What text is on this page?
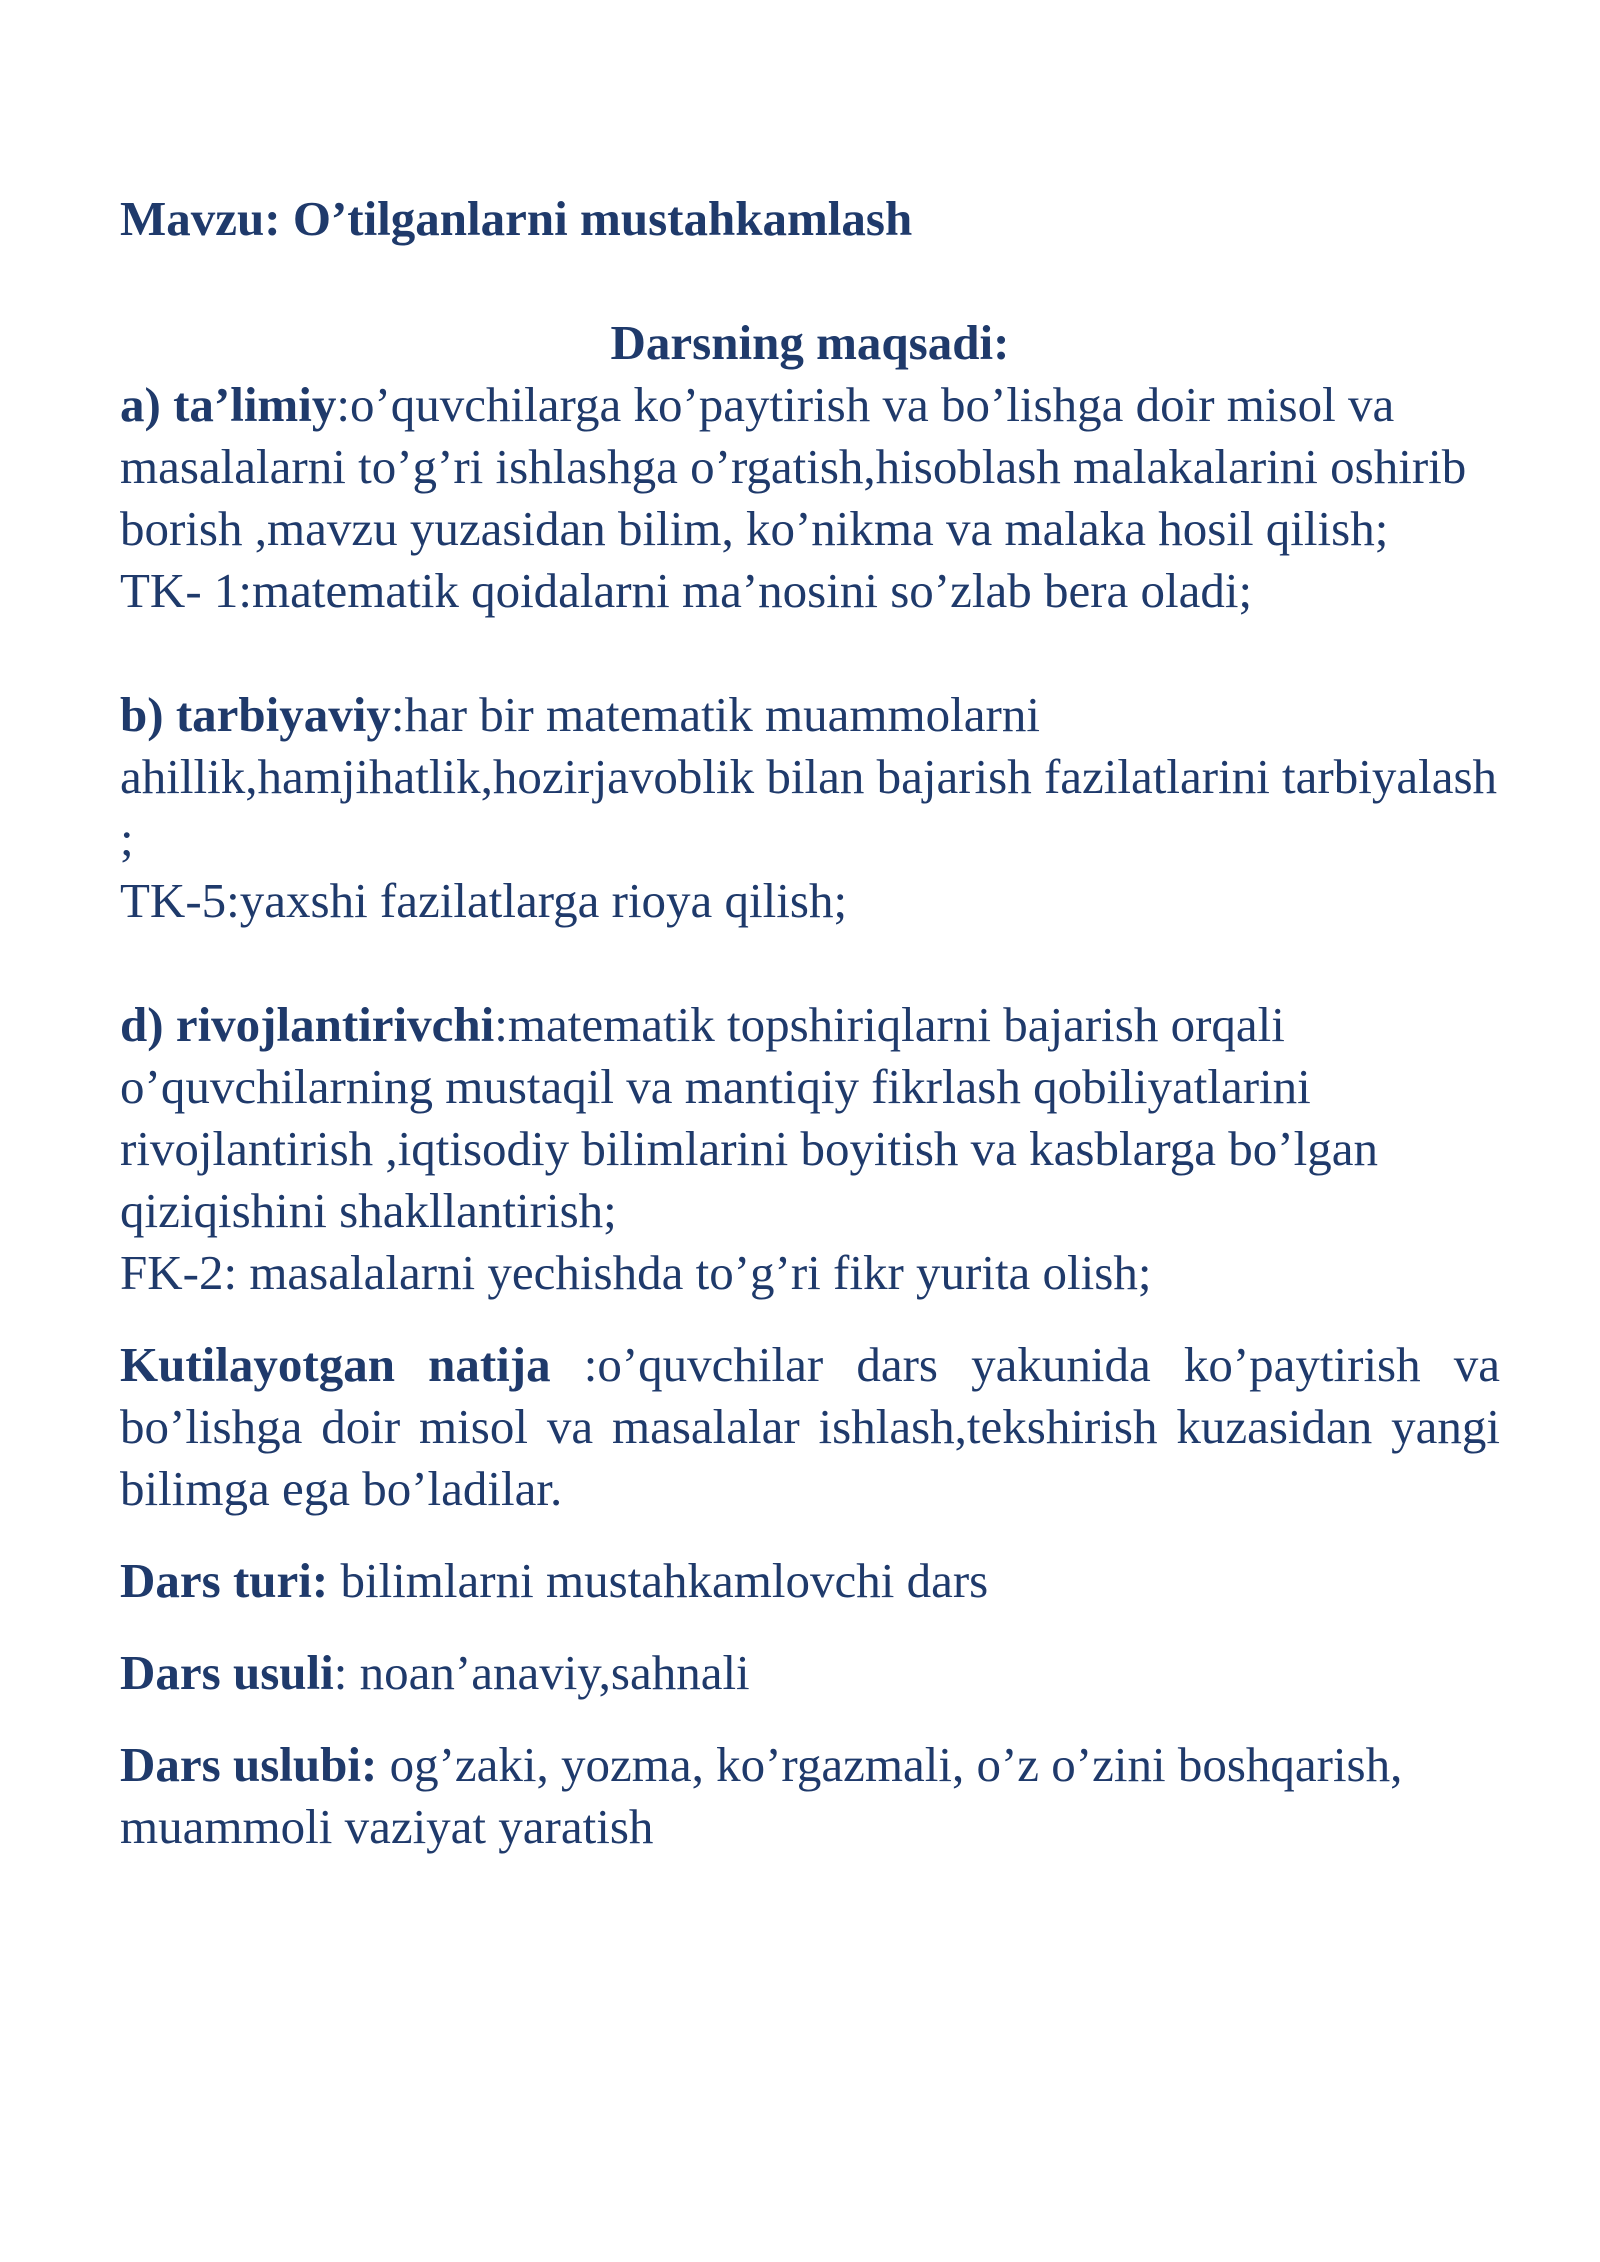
Mavzu: O’tilganlarni mustahkamlash

Darsning maqsadi:

a) ta’limiy:o’quvchilarga ko’paytirish va bo’lishga doir misol va masalalarni to’g’ri ishlashga o’rgatish,hisoblash malakalarini oshirib borish ,mavzu yuzasidan bilim, ko’nikma va malaka hosil qilish;

TK- 1:matematik qoidalarni ma’nosini so’zlab bera oladi;

b) tarbiyaviy:har bir matematik muammolarni ahillik,hamjihatlik,hozirjavoblik bilan bajarish fazilatlarini tarbiyalash ;

TK-5:yaxshi fazilatlarga rioya qilish;

d) rivojlantirivchi:matematik topshiriqlarni bajarish orqali o’quvchilarning mustaqil va mantiqiy fikrlash qobiliyatlarini rivojlantirish ,iqtisodiy bilimlarini boyitish va kasblarga bo’lgan qiziqishini shakllantirish;

FK-2: masalalarni yechishda to’g’ri fikr yurita olish;

Kutilayotgan natija :o’quvchilar dars yakunida ko’paytirish va bo’lishga doir misol va masalalar ishlash,tekshirish kuzasidan yangi bilimga ega bo’ladilar.

Dars turi: bilimlarni mustahkamlovchi dars

Dars usuli: noan’anaviy,sahnali

Dars uslubi: og’zaki, yozma, ko’rgazmali, o’z o’zini boshqarish, muammoli vaziyat yaratish
